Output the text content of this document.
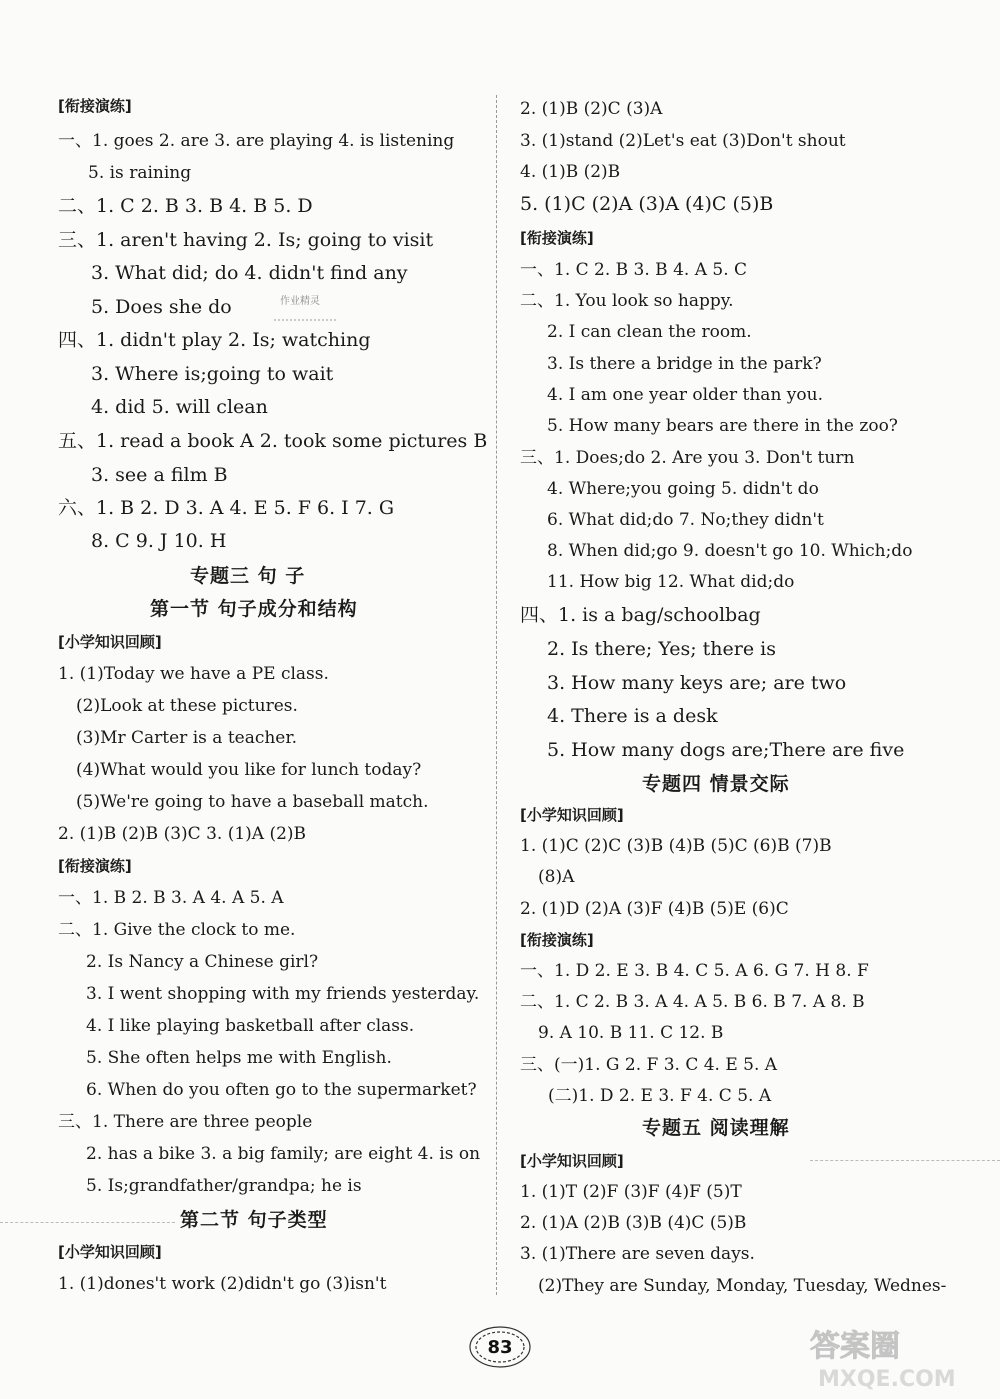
[衔接演练]
一、1. goes 2. are 3. are playing 4. is listening
5. is raining
二、1. C 2. B 3. B 4. B 5. D
三、1. aren't having 2. Is; going to visit
3. What did; do 4. didn't find any
5. Does she do
四、1. didn't play 2. Is; watching
3. Where is;going to wait
4. did 5. will clean
五、1. read a book A 2. took some pictures B
3. see a film B
六、1. B 2. D 3. A 4. E 5. F 6. I 7. G
8. C 9. J 10. H
专题三 句 子
第一节 句子成分和结构
[小学知识回顾]
1. (1)Today we have a PE class.
(2)Look at these pictures.
(3)Mr Carter is a teacher.
(4)What would you like for lunch today?
(5)We're going to have a baseball match.
2. (1)B (2)B (3)C 3. (1)A (2)B
[衔接演练]
一、1. B 2. B 3. A 4. A 5. A
二、1. Give the clock to me.
2. Is Nancy a Chinese girl?
3. I went shopping with my friends yesterday.
4. I like playing basketball after class.
5. She often helps me with English.
6. When do you often go to the supermarket?
三、1. There are three people
2. has a bike 3. a big family; are eight 4. is on
5. Is;grandfather/grandpa; he is
第二节 句子类型
[小学知识回顾]
1. (1)dones't work (2)didn't go (3)isn't
2. (1)B (2)C (3)A
3. (1)stand (2)Let's eat (3)Don't shout
4. (1)B (2)B
5. (1)C (2)A (3)A (4)C (5)B
[衔接演练]
一、1. C 2. B 3. B 4. A 5. C
二、1. You look so happy.
2. I can clean the room.
3. Is there a bridge in the park?
4. I am one year older than you.
5. How many bears are there in the zoo?
三、1. Does;do 2. Are you 3. Don't turn
4. Where;you going 5. didn't do
6. What did;do 7. No;they didn't
8. When did;go 9. doesn't go 10. Which;do
11. How big 12. What did;do
四、1. is a bag/schoolbag
2. Is there; Yes; there is
3. How many keys are; are two
4. There is a desk
5. How many dogs are;There are five
专题四 情景交际
[小学知识回顾]
1. (1)C (2)C (3)B (4)B (5)C (6)B (7)B
(8)A
2. (1)D (2)A (3)F (4)B (5)E (6)C
[衔接演练]
一、1. D 2. E 3. B 4. C 5. A 6. G 7. H 8. F
二、1. C 2. B 3. A 4. A 5. B 6. B 7. A 8. B
9. A 10. B 11. C 12. B
三、(一)1. G 2. F 3. C 4. E 5. A
(二)1. D 2. E 3. F 4. C 5. A
专题五 阅读理解
[小学知识回顾]
1. (1)T (2)F (3)F (4)F (5)T
2. (1)A (2)B (3)B (4)C (5)B
3. (1)There are seven days.
(2)They are Sunday, Monday, Tuesday, Wednes-
作业精灵
83	答案圈
MXQE.COM
